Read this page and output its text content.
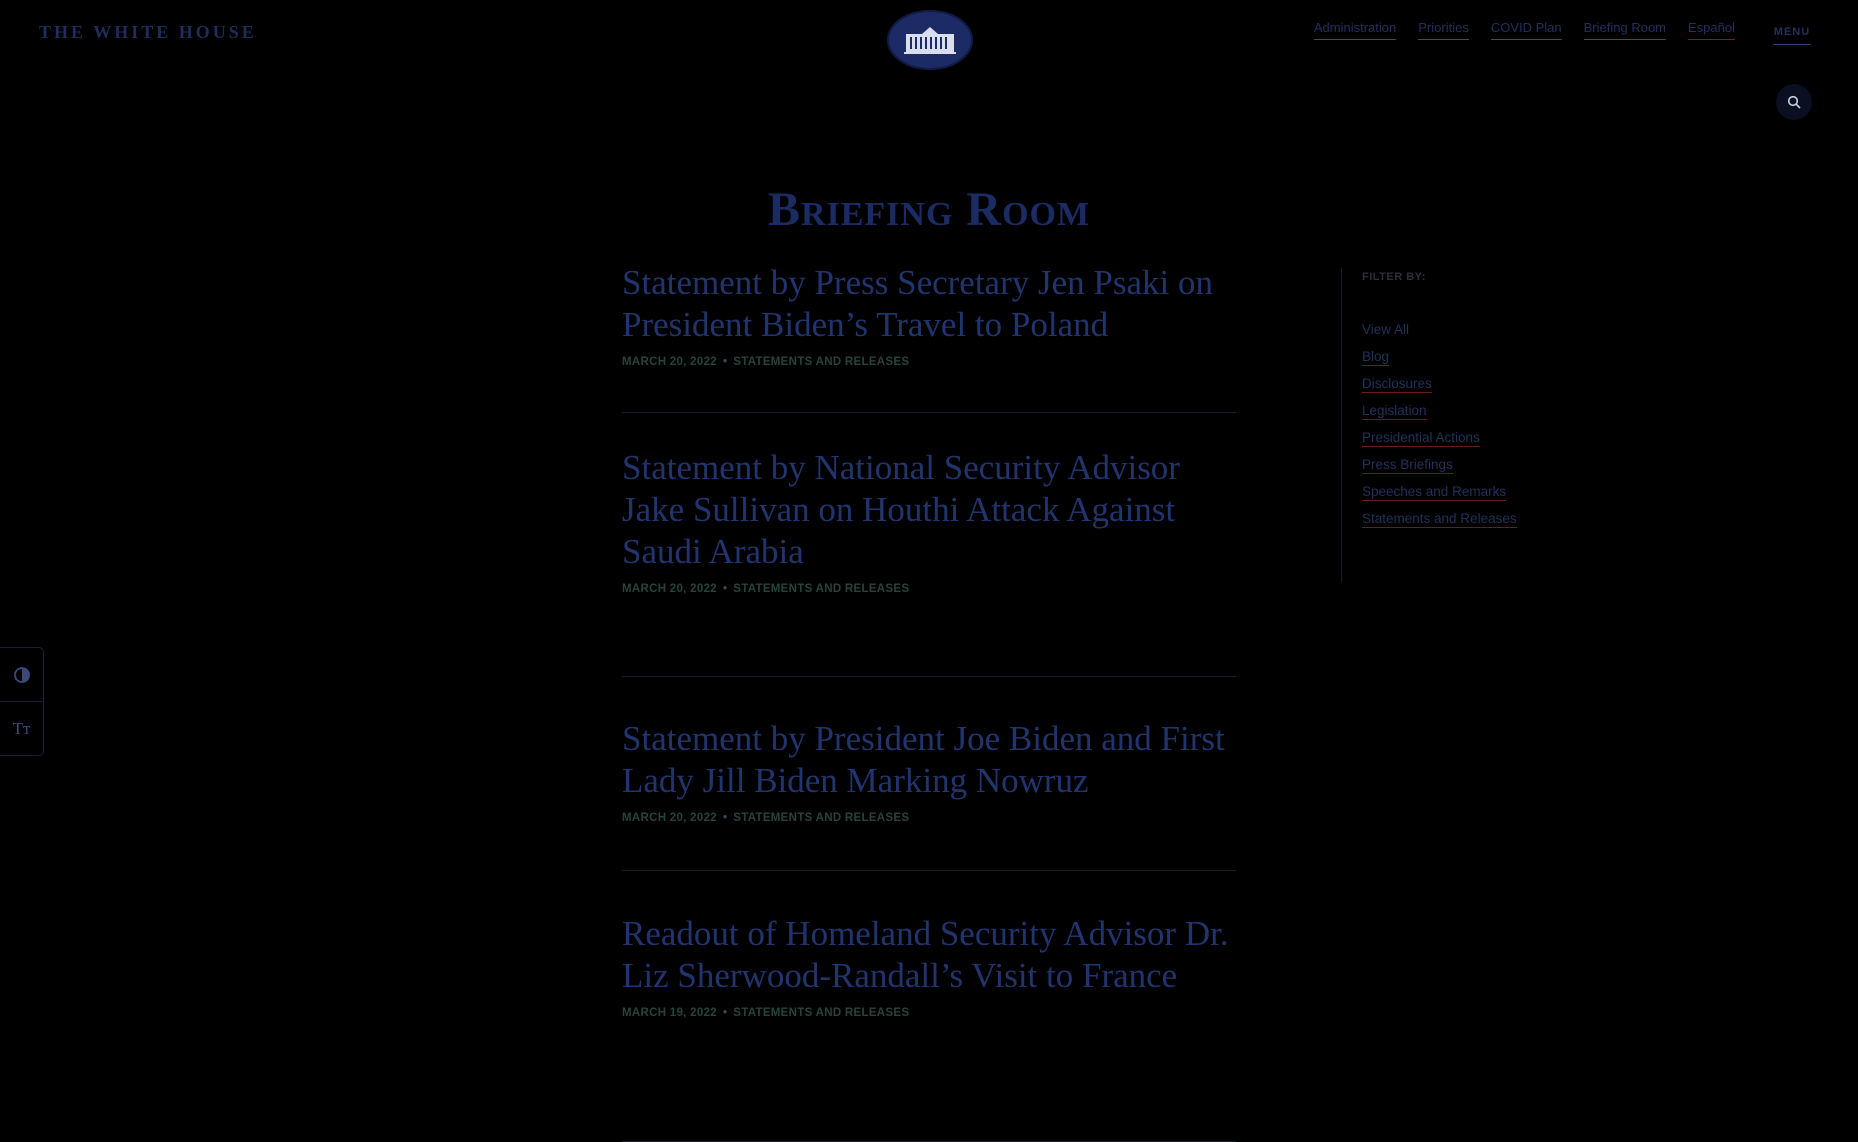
THE WHITE HOUSE	Administration Priorities COVID Plan Briefing Room Español	MENU
Briefing Room
Statement by Press Secretary Jen Psaki on President Biden’s Travel to Poland
MARCH 20, 2022 • STATEMENTS AND RELEASES
Statement by National Security Advisor Jake Sullivan on Houthi Attack Against Saudi Arabia
MARCH 20, 2022 • STATEMENTS AND RELEASES
Statement by President Joe Biden and First Lady Jill Biden Marking Nowruz
MARCH 20, 2022 • STATEMENTS AND RELEASES
Readout of Homeland Security Advisor Dr. Liz Sherwood-Randall’s Visit to France
MARCH 19, 2022 • STATEMENTS AND RELEASES
FILTER BY:
View All
Blog
Disclosures
Legislation
Presidential Actions
Press Briefings
Speeches and Remarks
Statements and Releases
Tт
